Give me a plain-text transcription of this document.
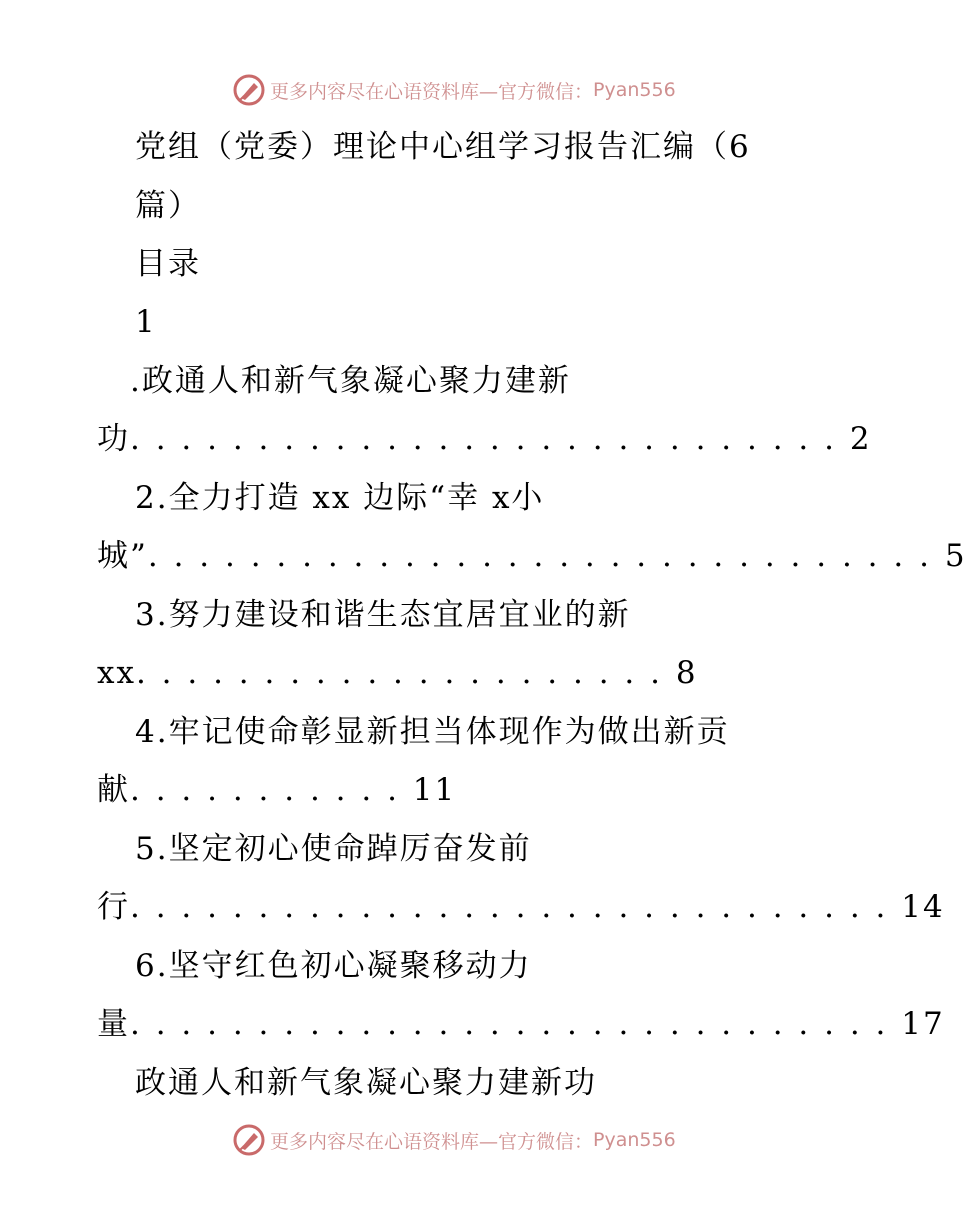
更多内容尽在心语资料库—官方微信： Pyan556
党组（党委）理论中心组学习报告汇编（6
篇）
目录
1
.政通人和新气象凝心聚力建新
功. . . . . . . . . . . . . . . . . . . . . . . . . . . . 2
2.全力打造 xx 边际“幸 x小
城”. . . . . . . . . . . . . . . . . . . . . . . . . . . . . . . 5
3.努力建设和谐生态宜居宜业的新
xx. . . . . . . . . . . . . . . . . . . . . 8
4.牢记使命彰显新担当体现作为做出新贡
献. . . . . . . . . . . 11
5.坚定初心使命踔厉奋发前
行. . . . . . . . . . . . . . . . . . . . . . . . . . . . . . 14
6.坚守红色初心凝聚移动力
量. . . . . . . . . . . . . . . . . . . . . . . . . . . . . . 17
政通人和新气象凝心聚力建新功
更多内容尽在心语资料库—官方微信： Pyan556
